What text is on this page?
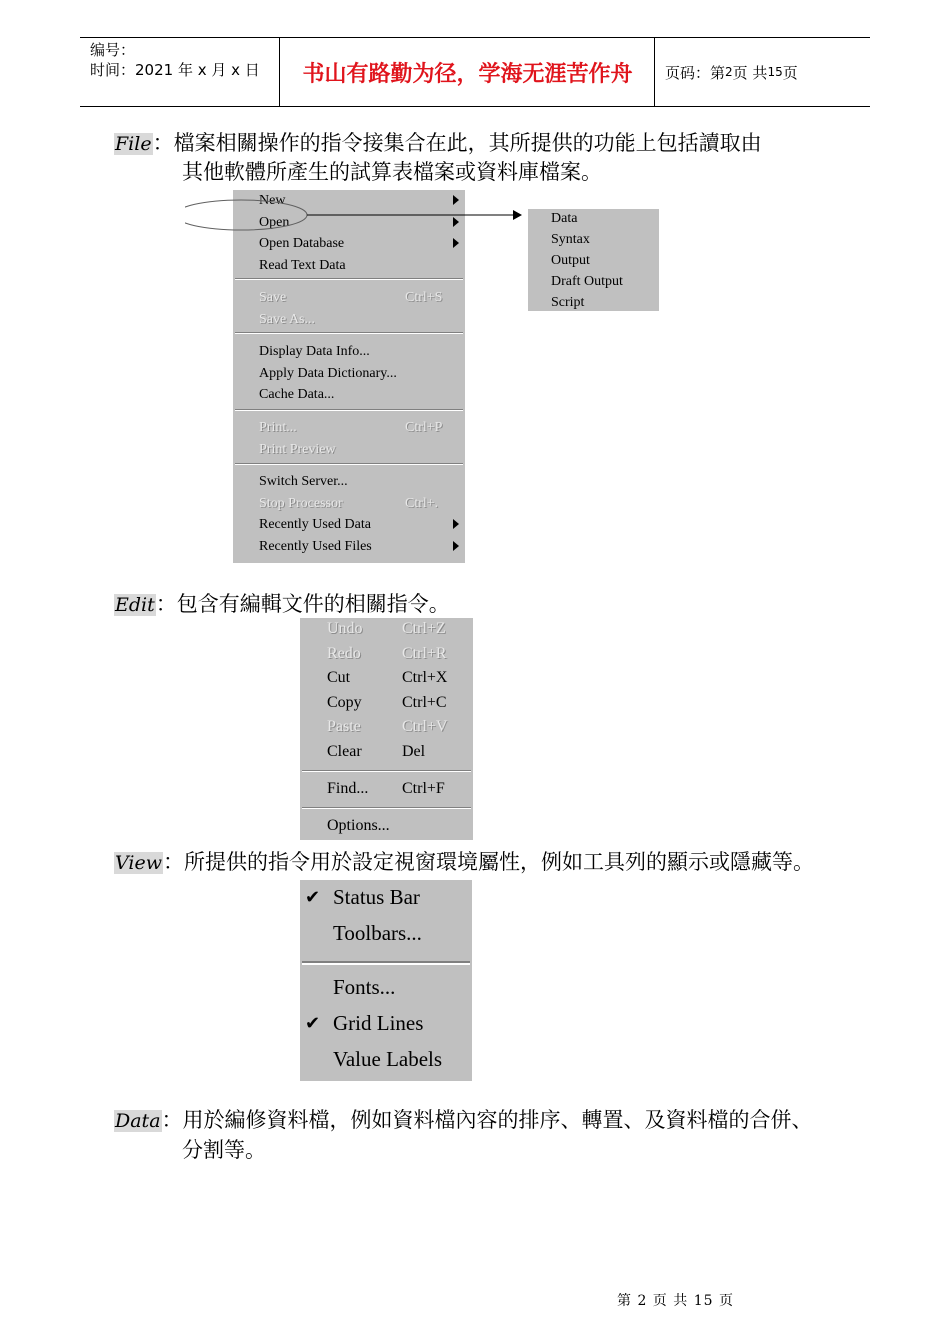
编号：
时间：2021 年 x 月 x 日	书山有路勤为径，学海无涯苦作舟	页码：第 2 页 共 15 页
File：檔案相關操作的指令接集合在此，其所提供的功能上包括讀取由
其他軟體所產生的試算表檔案或資料庫檔案。
New
Open
Open Database
Read Text Data
Save	Ctrl+S
Save As...
Display Data Info...
Apply Data Dictionary...
Cache Data...
Print...	Ctrl+P
Print Preview
Switch Server...
Stop Processor	Ctrl+.
Recently Used Data
Recently Used Files
Data
Syntax
Output
Draft Output
Script
Edit：包含有編輯文件的相關指令。
Undo Ctrl+Z
Redo	Ctrl+R
Cut	Ctrl+X
Copy	Ctrl+C
Paste	Ctrl+V
Clear	Del
Find... Ctrl+F
Options...
View：所提供的指令用於設定視窗環境屬性，例如工具列的顯示或隱藏等。
✔ Status Bar
Toolbars...
Fonts...
✔ Grid Lines
Value Labels
Data：用於編修資料檔，例如資料檔內容的排序、轉置、及資料檔的合併、
分割等。
第 2 页 共 15 页
